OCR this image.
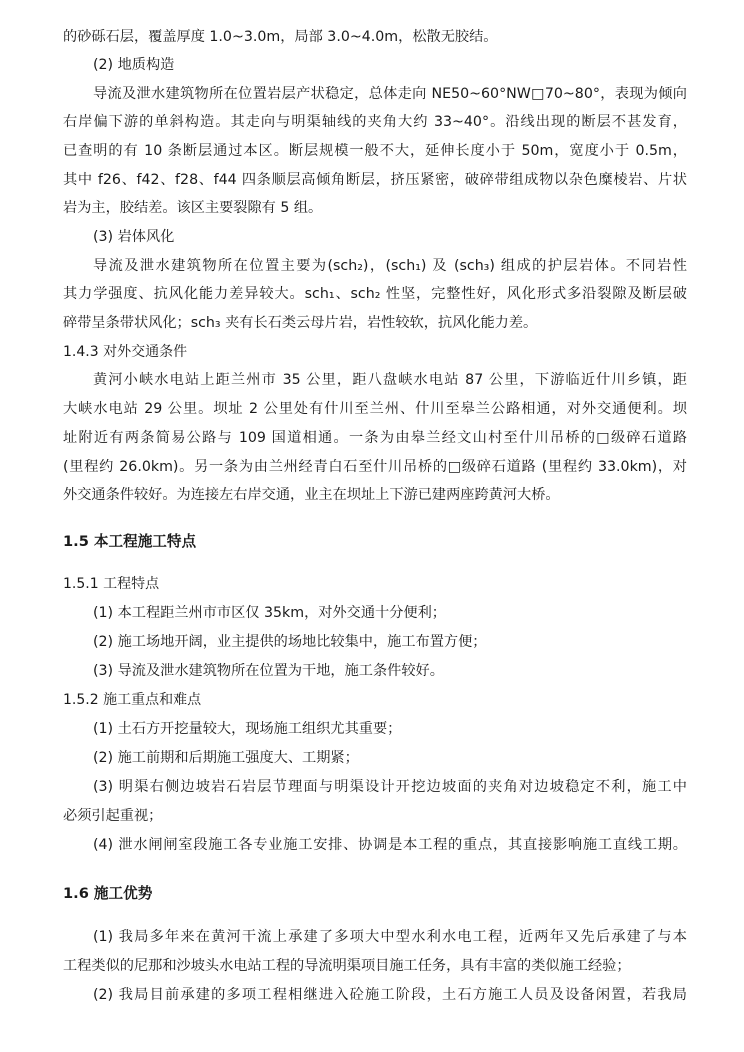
的砂砾石层，覆盖厚度 1.0~3.0m，局部 3.0~4.0m，松散无胶结。
(2) 地质构造
导流及泄水建筑物所在位置岩层产状稳定，总体走向 NE50~60°NW□70~80°，表现为倾向
右岸偏下游的单斜构造。其走向与明渠轴线的夹角大约 33~40°。沿线出现的断层不甚发育，
已查明的有 10 条断层通过本区。断层规模一般不大，延伸长度小于 50m，宽度小于 0.5m，
其中 f26、f42、f28、f44 四条顺层高倾角断层，挤压紧密，破碎带组成物以杂色糜棱岩、片状
岩为主，胶结差。该区主要裂隙有 5 组。
(3) 岩体风化
导流及泄水建筑物所在位置主要为(sch₂)，(sch₁) 及 (sch₃) 组成的护层岩体。不同岩性
其力学强度、抗风化能力差异较大。sch₁、sch₂ 性坚，完整性好，风化形式多沿裂隙及断层破
碎带呈条带状风化；sch₃ 夹有长石类云母片岩，岩性较软，抗风化能力差。
1.4.3 对外交通条件
黄河小峡水电站上距兰州市 35 公里，距八盘峡水电站 87 公里，下游临近什川乡镇，距
大峡水电站 29 公里。坝址 2 公里处有什川至兰州、什川至皋兰公路相通，对外交通便利。坝
址附近有两条简易公路与 109 国道相通。一条为由皋兰经文山村至什川吊桥的□级碎石道路
(里程约 26.0km)。另一条为由兰州经青白石至什川吊桥的□级碎石道路 (里程约 33.0km)，对
外交通条件较好。为连接左右岸交通，业主在坝址上下游已建两座跨黄河大桥。
1.5 本工程施工特点
1.5.1 工程特点
(1) 本工程距兰州市市区仅 35km，对外交通十分便利；
(2) 施工场地开阔，业主提供的场地比较集中，施工布置方便；
(3) 导流及泄水建筑物所在位置为干地，施工条件较好。
1.5.2 施工重点和难点
(1) 土石方开挖量较大，现场施工组织尤其重要；
(2) 施工前期和后期施工强度大、工期紧；
(3) 明渠右侧边坡岩石岩层节理面与明渠设计开挖边坡面的夹角对边坡稳定不利，施工中
必须引起重视；
(4) 泄水闸闸室段施工各专业施工安排、协调是本工程的重点，其直接影响施工直线工期。
1.6 施工优势
(1) 我局多年来在黄河干流上承建了多项大中型水利水电工程，近两年又先后承建了与本
工程类似的尼那和沙坡头水电站工程的导流明渠项目施工任务，具有丰富的类似施工经验；
(2) 我局目前承建的多项工程相继进入砼施工阶段，土石方施工人员及设备闲置，若我局
